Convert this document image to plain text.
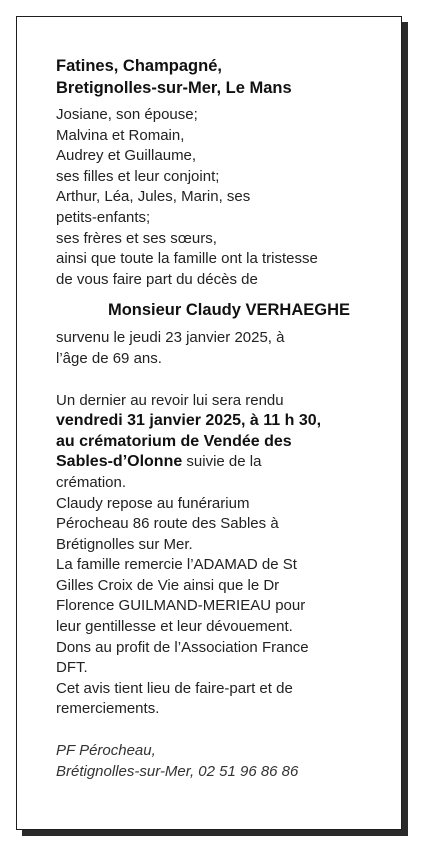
Fatines, Champagné,
Bretignolles-sur-Mer, Le Mans
Josiane, son épouse;
Malvina et Romain,
Audrey et Guillaume,
ses filles et leur conjoint;
Arthur, Léa, Jules, Marin, ses
petits-enfants;
ses frères et ses sœurs,
ainsi que toute la famille ont la tristesse
de vous faire part du décès de
Monsieur Claudy VERHAEGHE
survenu le jeudi 23 janvier 2025, à
l’âge de 69 ans.
Un dernier au revoir lui sera rendu
vendredi 31 janvier 2025, à 11 h 30,
au crématorium de Vendée des
Sables-d’Olonne suivie de la
crémation.
Claudy repose au funérarium
Pérocheau 86 route des Sables à
Brétignolles sur Mer.
La famille remercie l’ADAMAD de St
Gilles Croix de Vie ainsi que le Dr
Florence GUILMAND-MERIEAU pour
leur gentillesse et leur dévouement.
Dons au profit de l’Association France
DFT.
Cet avis tient lieu de faire-part et de
remerciements.
PF Pérocheau,
Brétignolles-sur-Mer, 02 51 96 86 86
